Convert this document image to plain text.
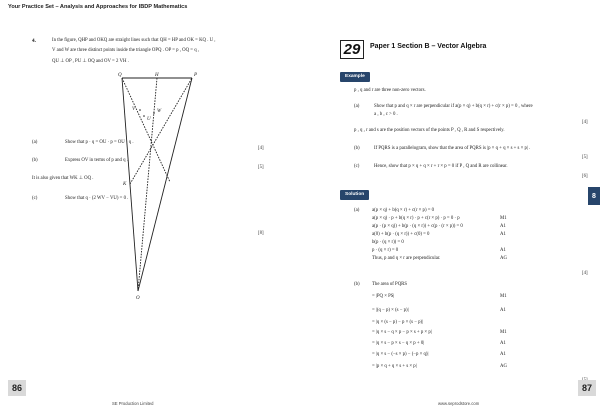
Your Practice Set – Analysis and Approaches for IBDP Mathematics
4.	In the figure, QHP and OKQ are straight lines such that QH = HP and OK = KQ . U ,
V and W are three distinct points inside the triangle OPQ . OP = p , OQ = q ,
QU ⊥ OP , PU ⊥ OQ and OV = 2 VH .
Q	P
O
H
K
U
V	W
(a)	Show that p · q = OU · p = OU · q .
[4]
(b)	Express OV in terms of p and q .
[5]
It is also given that WK ⊥ OQ .
(c)	Show that q · (2 WV − VU) = 0 .
[8]
86
SE Production Limited
29	Paper 1 Section B – Vector Algebra
Example
p , q and r are three non-zero vectors.
(a)	Show that p and q × r are perpendicular if a(p × q) + b(q × r) + c(r × p) = 0 , where
a , b , c > 0 .
[4]
p , q , r and s are the position vectors of the points P , Q , R and S respectively.
(b)	If PQRS is a parallelogram, show that the area of PQRS is |p × q + q × s + s × p| .
[5]
(c)	Hence, show that p × q + q × r + r × p = 0 if P , Q and R are collinear.
[6]
Solution
(a)	a(p × q) + b(q × r) + c(r × p) = 0
a(p × q) · p + b(q × r) · p + c(r × p) · p = 0 · p	M1
a(p · (p × q)) + b(p · (q × r)) + c(p · (r × p)) = 0	A1
a(0) + b(p · (q × r)) + c(0) = 0	A1
b(p · (q × r)) = 0
p · (q × r) = 0	A1
Thus, p and q × r are perpendicular.	AG
[4]
(b)	The area of PQRS
= |PQ × PS|	M1
= |(q − p) × (s − p)|	A1
= |q × (s − p) − p × (s − p)|
= |q × s − q × p − p × s + p × p|	M1
= |q × s − p × s − q × p + 0|	A1
= |q × s − (−s × p) − (−p × q)|	A1
= |p × q + q × s + s × p|	AG
8
87
www.seprodstore.com
